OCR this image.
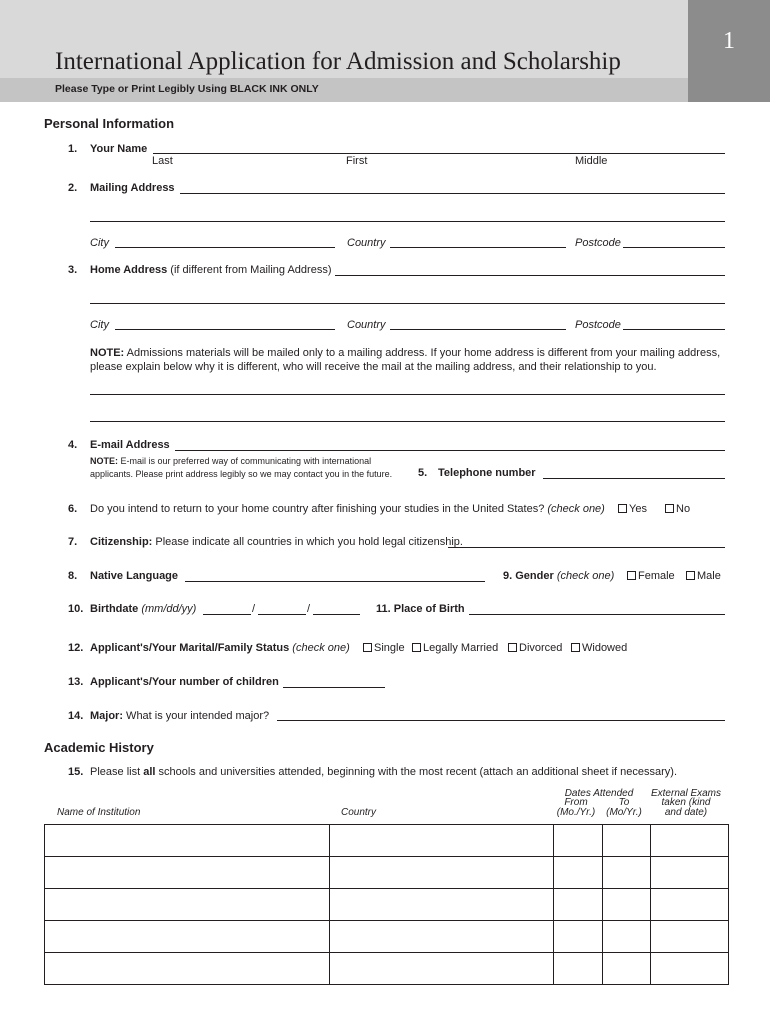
1
International Application for Admission and Scholarship
Please Type or Print Legibly Using BLACK INK ONLY
Personal Information
1. Your Name
Last	First	Middle
2. Mailing Address
City	Country	Postcode
3. Home Address (if different from Mailing Address)
City	Country	Postcode
NOTE: Admissions materials will be mailed only to a mailing address. If your home address is different from your mailing address,
please explain below why it is different, who will receive the mail at the mailing address, and their relationship to you.
4. E-mail Address
NOTE: E-mail is our preferred way of communicating with international
applicants. Please print address legibly so we may contact you in the future. 5. Telephone number
6. Do you intend to return to your home country after finishing your studies in the United States? (check one)	Yes	No
7. Citizenship: Please indicate all countries in which you hold legal citizenship.
8. Native Language	9. Gender (check one)	Female	Male
10. Birthdate (mm/dd/yy)	/	/	11. Place of Birth
12. Applicant's/Your Marital/Family Status (check one)	Single	Legally Married	Divorced	Widowed
13. Applicant's/Your number of children
14. Major: What is your intended major?
Academic History
15. Please list all schools and universities attended, beginning with the most recent (attach an additional sheet if necessary).
Name of Institution	Country
Dates Attended
From	To
(Mo./Yr.)	(Mo/Yr.)
External Exams
taken (kind
and date)
